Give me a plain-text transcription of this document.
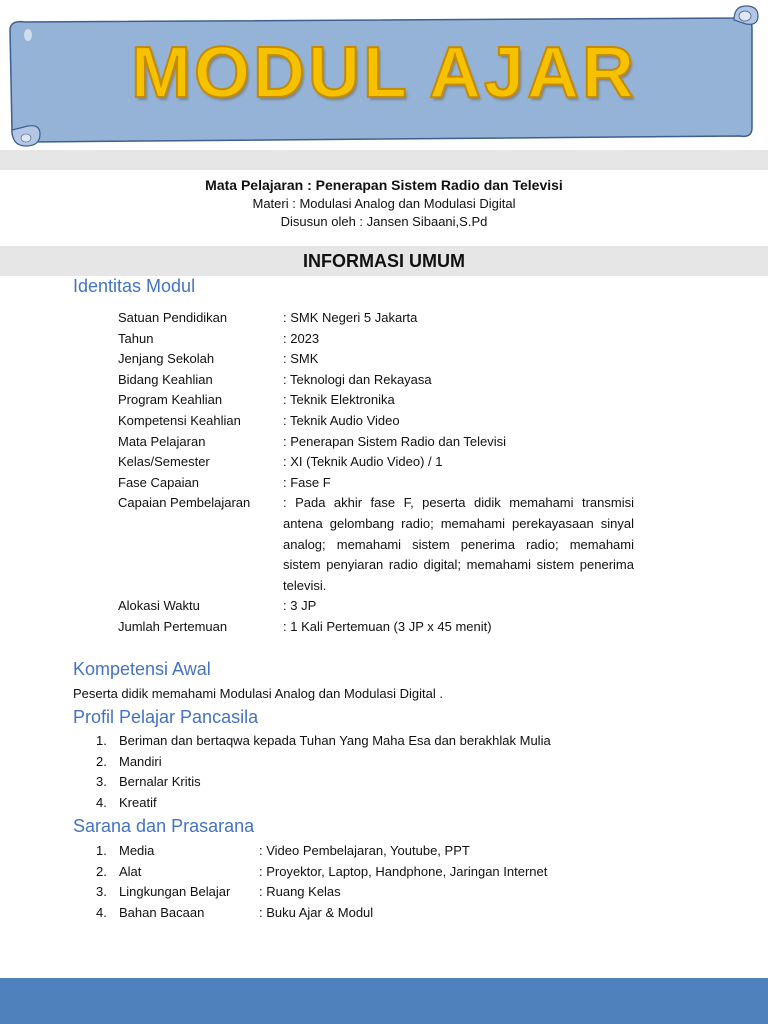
MODUL AJAR
Mata Pelajaran : Penerapan Sistem Radio dan Televisi
Materi : Modulasi Analog dan Modulasi Digital
Disusun oleh : Jansen Sibaani,S.Pd
INFORMASI UMUM
Identitas Modul
Satuan Pendidikan	: SMK Negeri 5 Jakarta
Tahun	: 2023
Jenjang Sekolah	: SMK
Bidang Keahlian	: Teknologi dan Rekayasa
Program Keahlian	: Teknik Elektronika
Kompetensi Keahlian	: Teknik Audio Video
Mata Pelajaran	: Penerapan Sistem Radio dan Televisi
Kelas/Semester	: XI (Teknik Audio Video) / 1
Fase Capaian	: Fase F
Capaian Pembelajaran	: Pada akhir fase F, peserta didik memahami transmisi antena gelombang radio; memahami perekayasaan sinyal analog; memahami sistem penerima radio; memahami sistem penyiaran radio digital; memahami sistem penerima televisi.
Alokasi Waktu	: 3 JP
Jumlah Pertemuan	: 1 Kali Pertemuan (3 JP x 45 menit)
Kompetensi Awal
Peserta didik memahami Modulasi Analog dan Modulasi Digital .
Profil Pelajar Pancasila
1. Beriman dan bertaqwa kepada Tuhan Yang Maha Esa dan berakhlak Mulia
2. Mandiri
3. Bernalar Kritis
4. Kreatif
Sarana dan Prasarana
1. Media	: Video Pembelajaran, Youtube, PPT
2. Alat	: Proyektor, Laptop, Handphone, Jaringan Internet
3. Lingkungan Belajar : Ruang Kelas
4. Bahan Bacaan	: Buku Ajar & Modul
